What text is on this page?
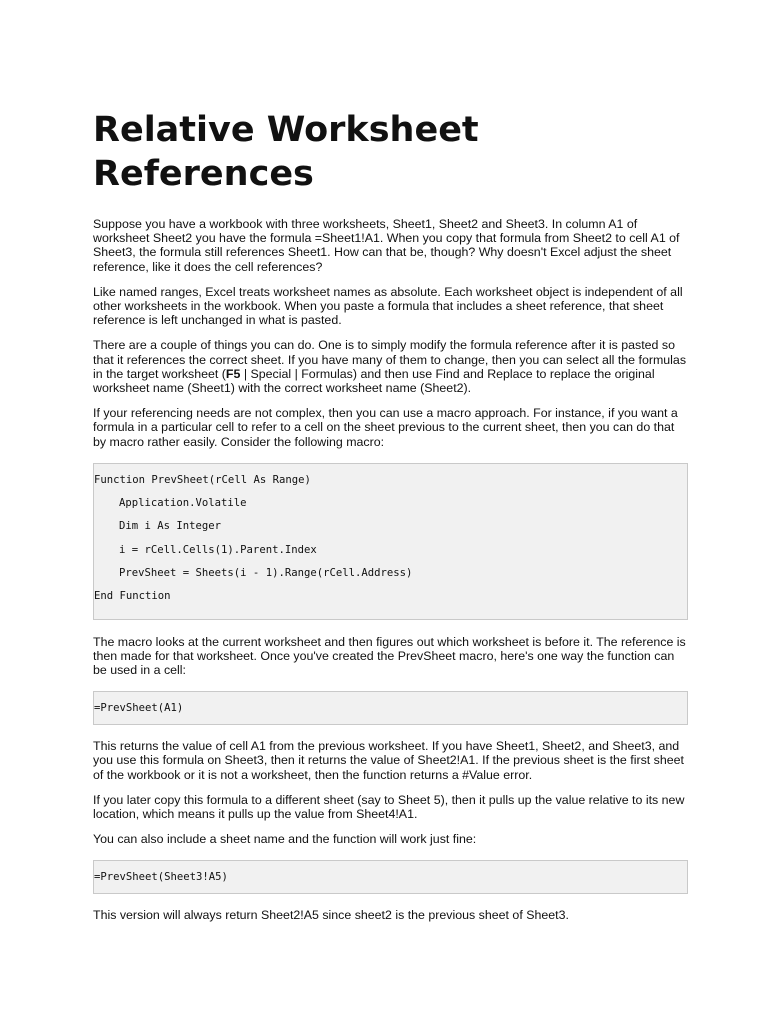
Relative Worksheet References

Suppose you have a workbook with three worksheets, Sheet1, Sheet2 and Sheet3. In column A1 of worksheet Sheet2 you have the formula =Sheet1!A1. When you copy that formula from Sheet2 to cell A1 of Sheet3, the formula still references Sheet1. How can that be, though? Why doesn't Excel adjust the sheet reference, like it does the cell references?

Like named ranges, Excel treats worksheet names as absolute. Each worksheet object is independent of all other worksheets in the workbook. When you paste a formula that includes a sheet reference, that sheet reference is left unchanged in what is pasted.

There are a couple of things you can do. One is to simply modify the formula reference after it is pasted so that it references the correct sheet. If you have many of them to change, then you can select all the formulas in the target worksheet (F5 | Special | Formulas) and then use Find and Replace to replace the original worksheet name (Sheet1) with the correct worksheet name (Sheet2).

If your referencing needs are not complex, then you can use a macro approach. For instance, if you want a formula in a particular cell to refer to a cell on the sheet previous to the current sheet, then you can do that by macro rather easily. Consider the following macro:

Function PrevSheet(rCell As Range)
Application.Volatile
Dim i As Integer
i = rCell.Cells(1).Parent.Index
PrevSheet = Sheets(i - 1).Range(rCell.Address)
End Function

The macro looks at the current worksheet and then figures out which worksheet is before it. The reference is then made for that worksheet. Once you've created the PrevSheet macro, here's one way the function can be used in a cell:

=PrevSheet(A1)

This returns the value of cell A1 from the previous worksheet. If you have Sheet1, Sheet2, and Sheet3, and you use this formula on Sheet3, then it returns the value of Sheet2!A1. If the previous sheet is the first sheet of the workbook or it is not a worksheet, then the function returns a #Value error.

If you later copy this formula to a different sheet (say to Sheet 5), then it pulls up the value relative to its new location, which means it pulls up the value from Sheet4!A1.

You can also include a sheet name and the function will work just fine:

=PrevSheet(Sheet3!A5)

This version will always return Sheet2!A5 since sheet2 is the previous sheet of Sheet3.
